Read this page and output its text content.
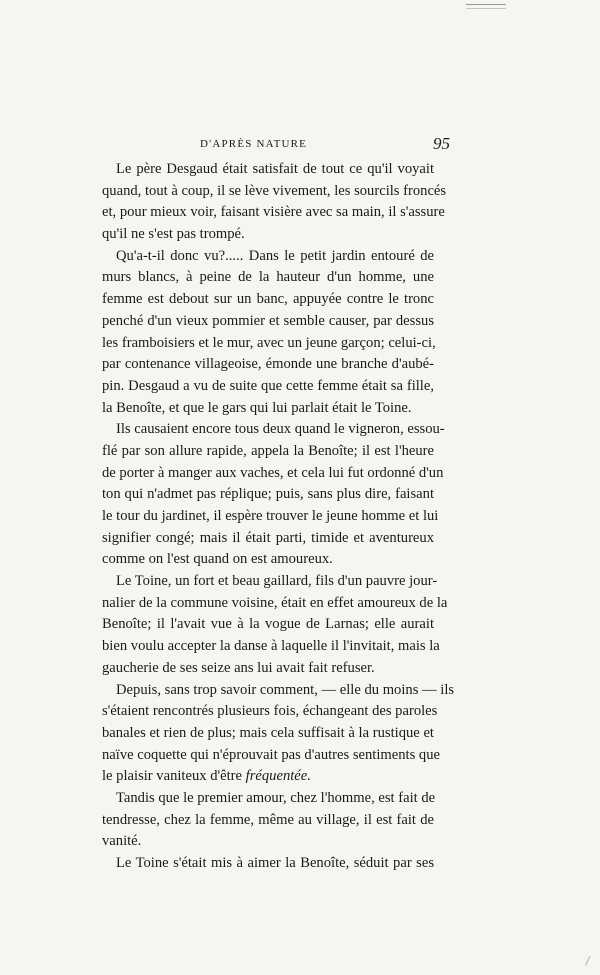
D'APRÈS NATURE	95
Le père Desgaud était satisfait de tout ce qu'il voyait
quand, tout à coup, il se lève vivement, les sourcils froncés
et, pour mieux voir, faisant visière avec sa main, il s'assure
qu'il ne s'est pas trompé.
Qu'a-t-il donc vu?..... Dans le petit jardin entouré de
murs blancs, à peine de la hauteur d'un homme, une
femme est debout sur un banc, appuyée contre le tronc
penché d'un vieux pommier et semble causer, par dessus
les framboisiers et le mur, avec un jeune garçon; celui-ci,
par contenance villageoise, émonde une branche d'aubé-
pin. Desgaud a vu de suite que cette femme était sa fille,
la Benoîte, et que le gars qui lui parlait était le Toine.
Ils causaient encore tous deux quand le vigneron, essou-
flé par son allure rapide, appela la Benoîte; il est l'heure
de porter à manger aux vaches, et cela lui fut ordonné d'un
ton qui n'admet pas réplique; puis, sans plus dire, faisant
le tour du jardinet, il espère trouver le jeune homme et lui
signifier congé; mais il était parti, timide et aventureux
comme on l'est quand on est amoureux.
Le Toine, un fort et beau gaillard, fils d'un pauvre jour-
nalier de la commune voisine, était en effet amoureux de la
Benoîte; il l'avait vue à la vogue de Larnas; elle aurait
bien voulu accepter la danse à laquelle il l'invitait, mais la
gaucherie de ses seize ans lui avait fait refuser.
Depuis, sans trop savoir comment, — elle du moins — ils
s'étaient rencontrés plusieurs fois, échangeant des paroles
banales et rien de plus; mais cela suffisait à la rustique et
naïve coquette qui n'éprouvait pas d'autres sentiments que
le plaisir vaniteux d'être fréquentée.
Tandis que le premier amour, chez l'homme, est fait de
tendresse, chez la femme, même au village, il est fait de
vanité.
Le Toine s'était mis à aimer la Benoîte, séduit par ses
